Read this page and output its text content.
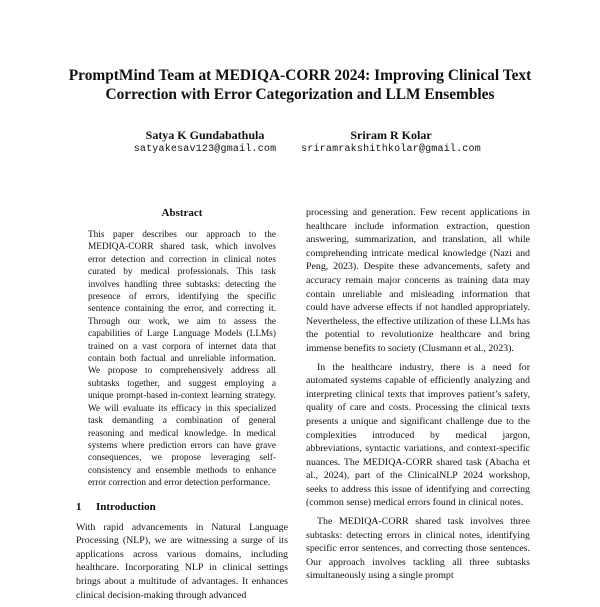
PromptMind Team at MEDIQA-CORR 2024: Improving Clinical Text Correction with Error Categorization and LLM Ensembles
Satya K Gundabathula
satyakesav123@gmail.com
Sriram R Kolar
sriramrakshithkolar@gmail.com
Abstract
This paper describes our approach to the MEDIQA-CORR shared task, which involves error detection and correction in clinical notes curated by medical professionals. This task involves handling three subtasks: detecting the presence of errors, identifying the specific sentence containing the error, and correcting it. Through our work, we aim to assess the capabilities of Large Language Models (LLMs) trained on a vast corpora of internet data that contain both factual and unreliable information. We propose to comprehensively address all subtasks together, and suggest employing a unique prompt-based in-context learning strategy. We will evaluate its efficacy in this specialized task demanding a combination of general reasoning and medical knowledge. In medical systems where prediction errors can have grave consequences, we propose leveraging self-consistency and ensemble methods to enhance error correction and error detection performance.
1 Introduction

With rapid advancements in Natural Language Processing (NLP), we are witnessing a surge of its applications across various domains, including healthcare. Incorporating NLP in clinical settings brings about a multitude of advantages. It enhances clinical decision-making through advanced

processing and generation. Few recent applications in healthcare include information extraction, question answering, summarization, and translation, all while comprehending intricate medical knowledge (Nazi and Peng, 2023). Despite these advancements, safety and accuracy remain major concerns as training data may contain unreliable and misleading information that could have adverse effects if not handled appropriately. Nevertheless, the effective utilization of these LLMs has the potential to revolutionize healthcare and bring immense benefits to society (Clusmann et al., 2023).

In the healthcare industry, there is a need for automated systems capable of efficiently analyzing and interpreting clinical texts that improves patient’s safety, quality of care and costs. Processing the clinical texts presents a unique and significant challenge due to the complexities introduced by medical jargon, abbreviations, syntactic variations, and context-specific nuances. The MEDIQA-CORR shared task (Abacha et al., 2024), part of the ClinicalNLP 2024 workshop, seeks to address this issue of identifying and correcting (common sense) medical errors found in clinical notes.

The MEDIQA-CORR shared task involves three subtasks: detecting errors in clinical notes, identifying specific error sentences, and correcting those sentences. Our approach involves tackling all three subtasks simultaneously using a single prompt
